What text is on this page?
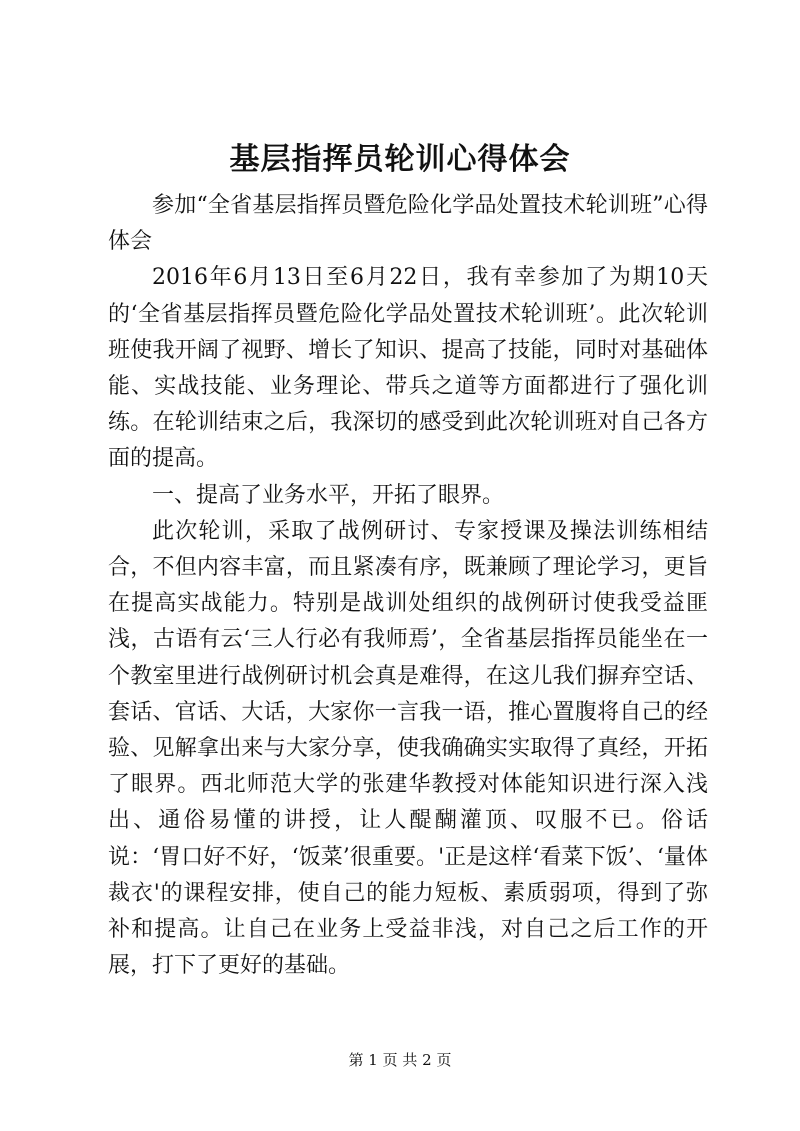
基层指挥员轮训心得体会

参加“全省基层指挥员暨危险化学品处置技术轮训班”心得体会

2016年6月13日至6月22日，我有幸参加了为期10天的‘全省基层指挥员暨危险化学品处置技术轮训班’。此次轮训班使我开阔了视野、增长了知识、提高了技能，同时对基础体能、实战技能、业务理论、带兵之道等方面都进行了强化训练。在轮训结束之后，我深切的感受到此次轮训班对自己各方面的提高。

一、提高了业务水平，开拓了眼界。

此次轮训，采取了战例研讨、专家授课及操法训练相结合，不但内容丰富，而且紧凑有序，既兼顾了理论学习，更旨在提高实战能力。特别是战训处组织的战例研讨使我受益匪浅，古语有云‘三人行必有我师焉’，全省基层指挥员能坐在一个教室里进行战例研讨机会真是难得，在这儿我们摒弃空话、套话、官话、大话，大家你一言我一语，推心置腹将自己的经验、见解拿出来与大家分享，使我确确实实取得了真经，开拓了眼界。西北师范大学的张建华教授对体能知识进行深入浅出、通俗易懂的讲授，让人醍醐灌顶、叹服不已。俗话说：‘胃口好不好，‘饭菜’很重要。'正是这样‘看菜下饭’、‘量体裁衣'的课程安排，使自己的能力短板、素质弱项，得到了弥补和提高。让自己在业务上受益非浅，对自己之后工作的开展，打下了更好的基础。

第 1 页 共 2 页
